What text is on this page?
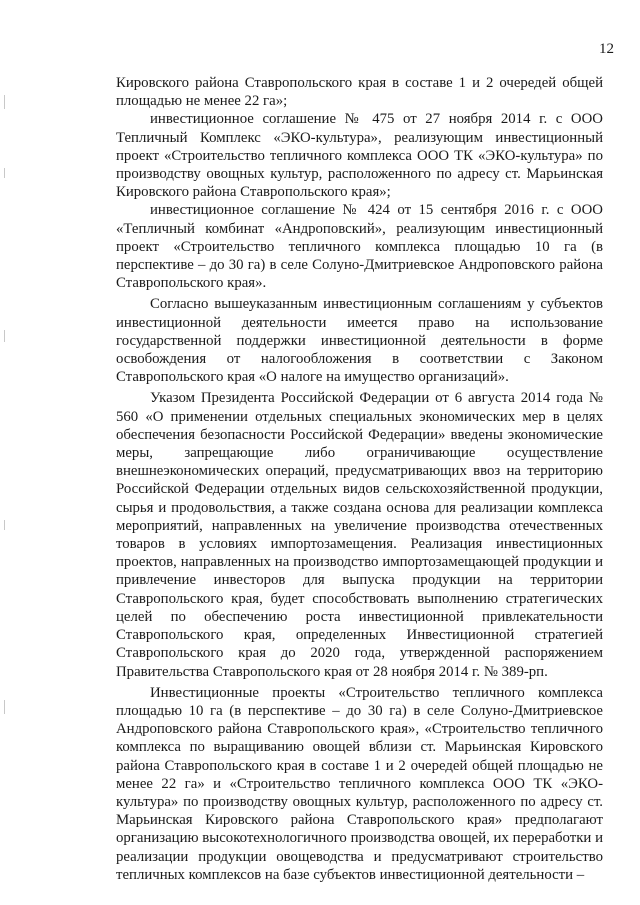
12

Кировского района Ставропольского края в составе 1 и 2 очередей общей площадью не менее 22 га»;

инвестиционное соглашение № 475 от 27 ноября 2014 г. с ООО Тепличный Комплекс «ЭКО-культура», реализующим инвестиционный проект «Строительство тепличного комплекса ООО ТК «ЭКО-культура» по производству овощных культур, расположенного по адресу ст. Марьинская Кировского района Ставропольского края»;

инвестиционное соглашение № 424 от 15 сентября 2016 г. с ООО «Тепличный комбинат «Андроповский», реализующим инвестиционный проект «Строительство тепличного комплекса площадью 10 га (в перспективе – до 30 га) в селе Солуно-Дмитриевское Андроповского района Ставропольского края».

Согласно вышеуказанным инвестиционным соглашениям у субъектов инвестиционной деятельности имеется право на использование государственной поддержки инвестиционной деятельности в форме освобождения от налогообложения в соответствии с Законом Ставропольского края «О налоге на имущество организаций».

Указом Президента Российской Федерации от 6 августа 2014 года № 560 «О применении отдельных специальных экономических мер в целях обеспечения безопасности Российской Федерации» введены экономические меры, запрещающие либо ограничивающие осуществление внешнеэкономических операций, предусматривающих ввоз на территорию Российской Федерации отдельных видов сельскохозяйственной продукции, сырья и продовольствия, а также создана основа для реализации комплекса мероприятий, направленных на увеличение производства отечественных товаров в условиях импортозамещения. Реализация инвестиционных проектов, направленных на производство импортозамещающей продукции и привлечение инвесторов для выпуска продукции на территории Ставропольского края, будет способствовать выполнению стратегических целей по обеспечению роста инвестиционной привлекательности Ставропольского края, определенных Инвестиционной стратегией Ставропольского края до 2020 года, утвержденной распоряжением Правительства Ставропольского края от 28 ноября 2014 г. № 389-рп.

Инвестиционные проекты «Строительство тепличного комплекса площадью 10 га (в перспективе – до 30 га) в селе Солуно-Дмитриевское Андроповского района Ставропольского края», «Строительство тепличного комплекса по выращиванию овощей вблизи ст. Марьинская Кировского района Ставропольского края в составе 1 и 2 очередей общей площадью не менее 22 га» и «Строительство тепличного комплекса ООО ТК «ЭКО-культура» по производству овощных культур, расположенного по адресу ст. Марьинская Кировского района Ставропольского края» предполагают организацию высокотехнологичного производства овощей, их переработки и реализации продукции овощеводства и предусматривают строительство тепличных комплексов на базе субъектов инвестиционной деятельности –
